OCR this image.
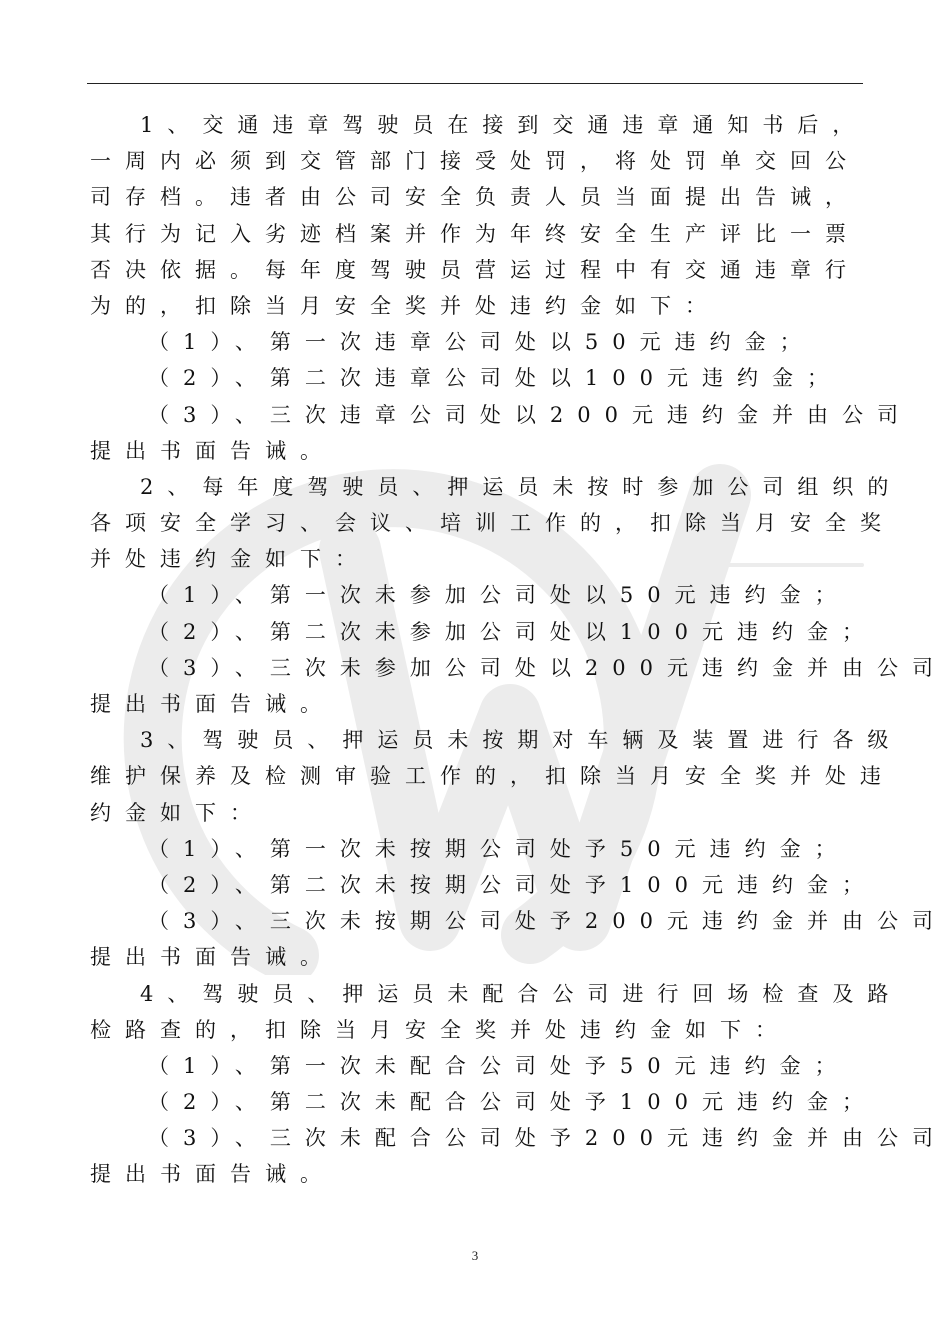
1、交通违章驾驶员在接到交通违章通知书后，
一周内必须到交管部门接受处罚，将处罚单交回公
司存档。违者由公司安全负责人员当面提出告诫，
其行为记入劣迹档案并作为年终安全生产评比一票
否决依据。每年度驾驶员营运过程中有交通违章行
为的，扣除当月安全奖并处违约金如下：
（1）、第一次违章公司处以50元违约金；
（2）、第二次违章公司处以100元违约金；
（3）、三次违章公司处以200元违约金并由公司
提出书面告诫。
2、每年度驾驶员、押运员未按时参加公司组织的
各项安全学习、会议、培训工作的，扣除当月安全奖
并处违约金如下：
（1）、第一次未参加公司处以50元违约金；
（2）、第二次未参加公司处以100元违约金；
（3）、三次未参加公司处以200元违约金并由公司
提出书面告诫。
3、驾驶员、押运员未按期对车辆及装置进行各级
维护保养及检测审验工作的，扣除当月安全奖并处违
约金如下：
（1）、第一次未按期公司处予50元违约金；
（2）、第二次未按期公司处予100元违约金；
（3）、三次未按期公司处予200元违约金并由公司
提出书面告诫。
4、驾驶员、押运员未配合公司进行回场检查及路
检路查的，扣除当月安全奖并处违约金如下：
（1）、第一次未配合公司处予50元违约金；
（2）、第二次未配合公司处予100元违约金；
（3）、三次未配合公司处予200元违约金并由公司
提出书面告诫。
3
